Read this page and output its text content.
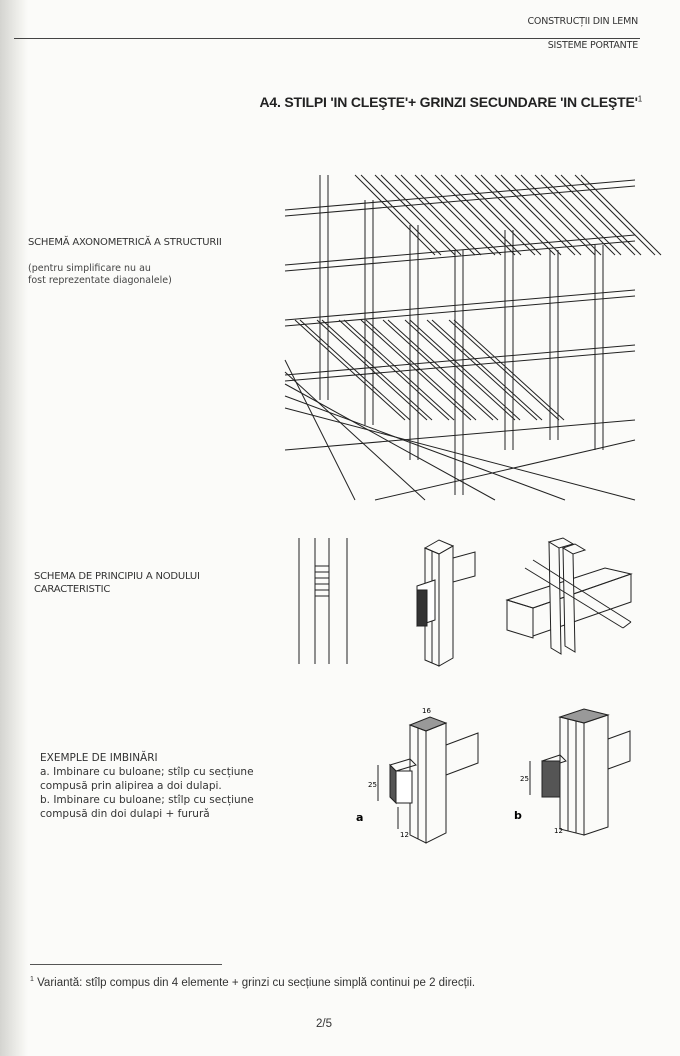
CONSTRUCȚII DIN LEMN
SISTEME PORTANTE
A4. STILPI 'IN CLEŞTE'+ GRINZI SECUNDARE 'IN $CLEŞTE'^1$
SCHEMĂ AXONOMETRICĂ A STRUCTURII
(pentru simplificare nu au
fost reprezentate diagonalele)
SCHEMA DE PRINCIPIU A NODULUI
CARACTERISTIC
EXEMPLE DE IMBINĂRI
a. Imbinare cu buloane; stîlp cu secțiune
compusă prin alipirea a doi dulapi.
b. Imbinare cu buloane; stîlp cu secțiune
compusă din doi dulapi + fururǎ
16
25
12
a
25
12
b
$^1$ Variantă: stîlp compus din 4 elemente + grinzi cu secțiune simplă continui pe 2 direcții.
2/5
